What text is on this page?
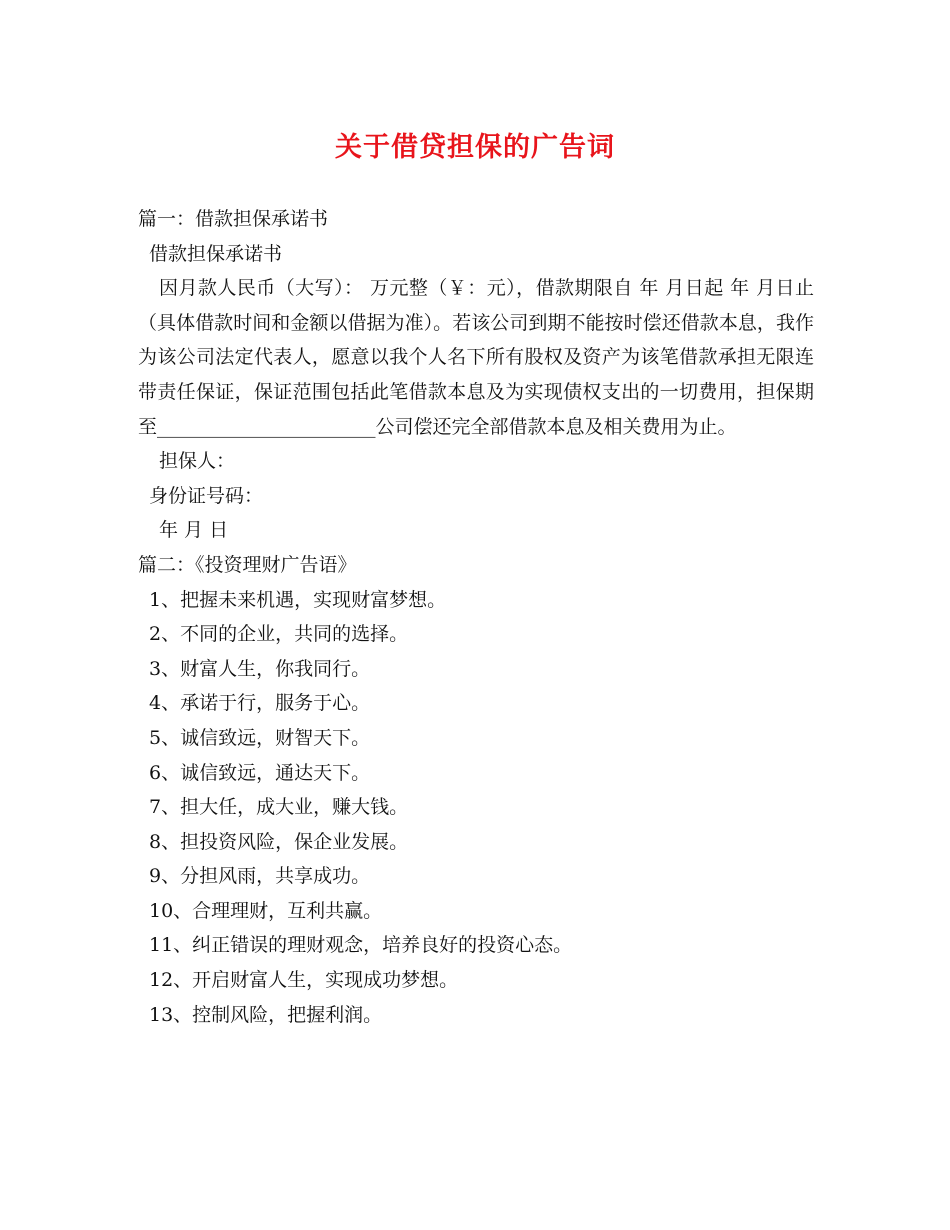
关于借贷担保的广告词
篇一：借款担保承诺书
借款担保承诺书
因月款人民币（大写）： 万元整（￥：元），借款期限自 年 月日起 年 月日止（具体借款时间和金额以借据为准）。若该公司到期不能按时偿还借款本息，我作为该公司法定代表人，愿意以我个人名下所有股权及资产为该笔借款承担无限连带责任保证，保证范围包括此笔借款本息及为实现债权支出的一切费用，担保期至_______________________公司偿还完全部借款本息及相关费用为止。
担保人：
身份证号码：
年 月 日
篇二：《投资理财广告语》
1、把握未来机遇，实现财富梦想。
2、不同的企业，共同的选择。
3、财富人生，你我同行。
4、承诺于行，服务于心。
5、诚信致远，财智天下。
6、诚信致远，通达天下。
7、担大任，成大业，赚大钱。
8、担投资风险，保企业发展。
9、分担风雨，共享成功。
10、合理理财，互利共赢。
11、纠正错误的理财观念，培养良好的投资心态。
12、开启财富人生，实现成功梦想。
13、控制风险，把握利润。
